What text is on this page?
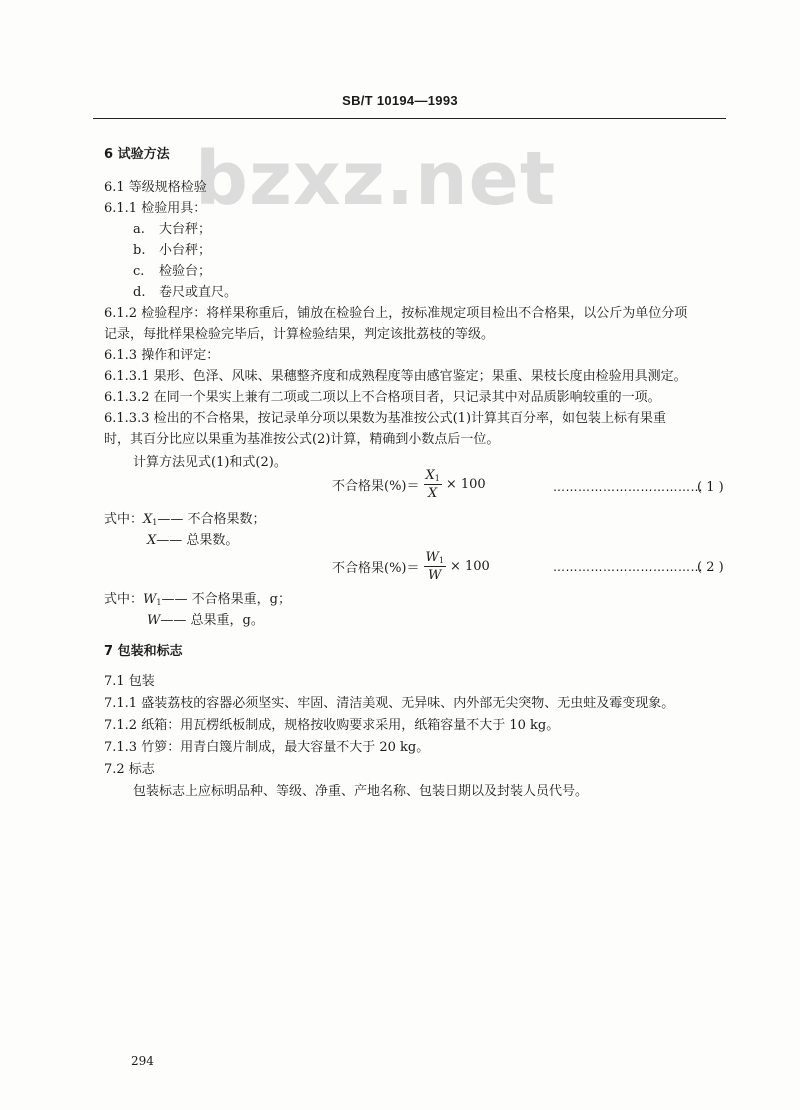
SB/T 10194—1993
bzxz.net
6 试验方法
6.1 等级规格检验
6.1.1 检验用具：
a. 大台秤；
b. 小台秤；
c. 检验台；
d. 卷尺或直尺。
6.1.2 检验程序：将样果称重后，铺放在检验台上，按标准规定项目检出不合格果，以公斤为单位分项
记录，每批样果检验完毕后，计算检验结果，判定该批荔枝的等级。
6.1.3 操作和评定：
6.1.3.1 果形、色泽、风味、果穗整齐度和成熟程度等由感官鉴定；果重、果枝长度由检验用具测定。
6.1.3.2 在同一个果实上兼有二项或二项以上不合格项目者，只记录其中对品质影响较重的一项。
6.1.3.3 检出的不合格果，按记录单分项以果数为基准按公式(1)计算其百分率，如包装上标有果重
时，其百分比应以果重为基准按公式(2)计算，精确到小数点后一位。
计算方法见式(1)和式(2)。
不合格果(%)＝ $\frac{X_1}{X} \times 100$	………………………………
( 1 )
式中：$X_1——$ 不合格果数；
X—— 总果数。
不合格果(%)＝ $\frac{W_1}{W} \times 100$	………………………………
( 2 )
式中：$W_1——$ 不合格果重，g；
W—— 总果重，g。
7 包装和标志
7.1 包装
7.1.1 盛装荔枝的容器必须坚实、牢固、清洁美观、无异味、内外部无尖突物、无虫蛀及霉变现象。
7.1.2 纸箱：用瓦楞纸板制成，规格按收购要求采用，纸箱容量不大于 10 kg。
7.1.3 竹箩：用青白篾片制成，最大容量不大于 20 kg。
7.2 标志
包装标志上应标明品种、等级、净重、产地名称、包装日期以及封装人员代号。
294
